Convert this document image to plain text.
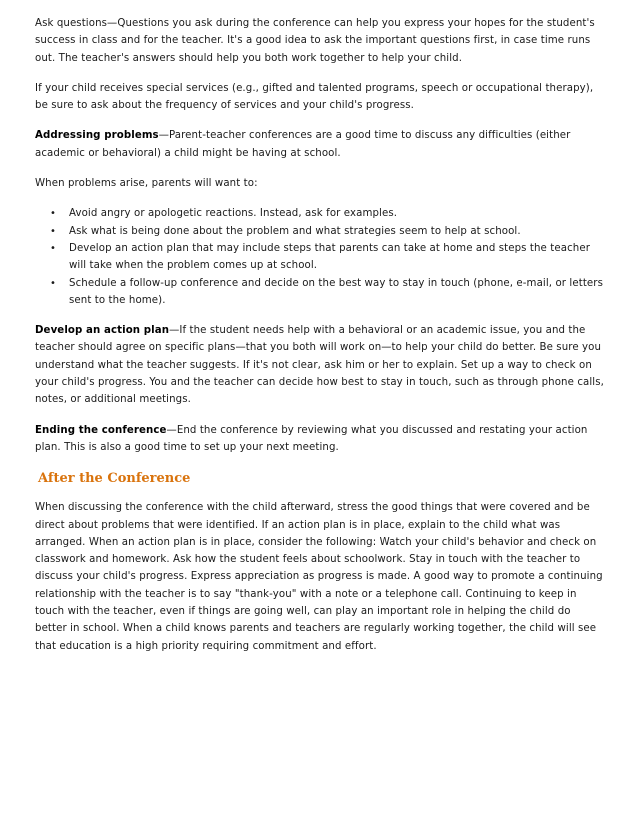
Ask questions—Questions you ask during the conference can help you express your hopes for the student's success in class and for the teacher. It's a good idea to ask the important questions first, in case time runs out. The teacher's answers should help you both work together to help your child.

If your child receives special services (e.g., gifted and talented programs, speech or occupational therapy), be sure to ask about the frequency of services and your child's progress.

Addressing problems—Parent-teacher conferences are a good time to discuss any difficulties (either academic or behavioral) a child might be having at school.

When problems arise, parents will want to:

• Avoid angry or apologetic reactions. Instead, ask for examples.
• Ask what is being done about the problem and what strategies seem to help at school.
• Develop an action plan that may include steps that parents can take at home and steps the teacher will take when the problem comes up at school.
• Schedule a follow-up conference and decide on the best way to stay in touch (phone, e-mail, or letters sent to the home).

Develop an action plan—If the student needs help with a behavioral or an academic issue, you and the teacher should agree on specific plans—that you both will work on—to help your child do better. Be sure you understand what the teacher suggests. If it's not clear, ask him or her to explain. Set up a way to check on your child's progress. You and the teacher can decide how best to stay in touch, such as through phone calls, notes, or additional meetings.

Ending the conference—End the conference by reviewing what you discussed and restating your action plan. This is also a good time to set up your next meeting.

After the Conference

When discussing the conference with the child afterward, stress the good things that were covered and be direct about problems that were identified. If an action plan is in place, explain to the child what was arranged. When an action plan is in place, consider the following: Watch your child's behavior and check on classwork and homework. Ask how the student feels about schoolwork. Stay in touch with the teacher to discuss your child's progress. Express appreciation as progress is made. A good way to promote a continuing relationship with the teacher is to say "thank-you" with a note or a telephone call. Continuing to keep in touch with the teacher, even if things are going well, can play an important role in helping the child do better in school. When a child knows parents and teachers are regularly working together, the child will see that education is a high priority requiring commitment and effort.
